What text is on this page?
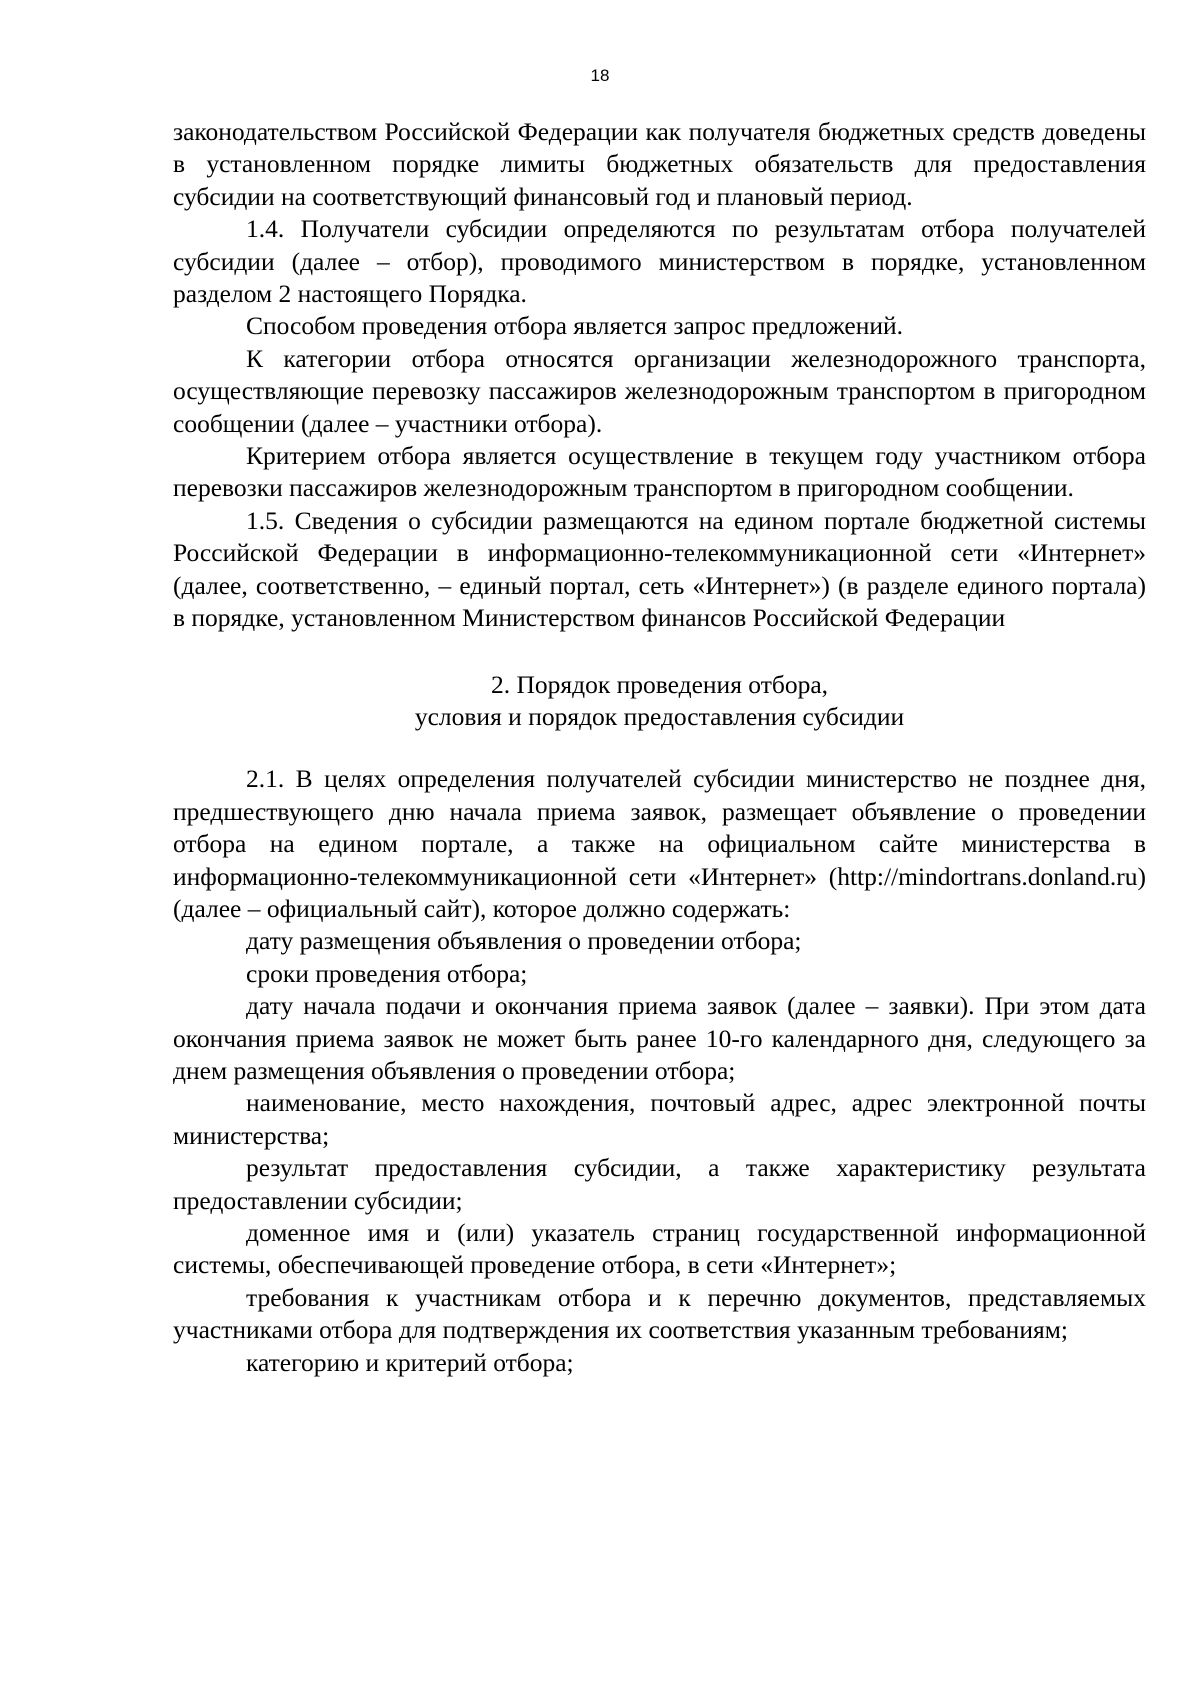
18

законодательством Российской Федерации как получателя бюджетных средств доведены в установленном порядке лимиты бюджетных обязательств для предоставления субсидии на соответствующий финансовый год и плановый период.

1.4. Получатели субсидии определяются по результатам отбора получателей субсидии (далее – отбор), проводимого министерством в порядке, установленном разделом 2 настоящего Порядка.

Способом проведения отбора является запрос предложений.

К категории отбора относятся организации железнодорожного транспорта, осуществляющие перевозку пассажиров железнодорожным транспортом в пригородном сообщении (далее – участники отбора).

Критерием отбора является осуществление в текущем году участником отбора перевозки пассажиров железнодорожным транспортом в пригородном сообщении.

1.5. Сведения о субсидии размещаются на едином портале бюджетной системы Российской Федерации в информационно-телекоммуникационной сети «Интернет» (далее, соответственно, – единый портал, сеть «Интернет») (в разделе единого портала) в порядке, установленном Министерством финансов Российской Федерации

2. Порядок проведения отбора,

условия и порядок предоставления субсидии

2.1. В целях определения получателей субсидии министерство не позднее дня, предшествующего дню начала приема заявок, размещает объявление о проведении отбора на едином портале, а также на официальном сайте министерства в информационно-телекоммуникационной сети «Интернет» (http://mindortrans.donland.ru) (далее – официальный сайт), которое должно содержать:

дату размещения объявления о проведении отбора;

сроки проведения отбора;

дату начала подачи и окончания приема заявок (далее – заявки). При этом дата окончания приема заявок не может быть ранее 10-го календарного дня, следующего за днем размещения объявления о проведении отбора;

наименование, место нахождения, почтовый адрес, адрес электронной почты министерства;

результат предоставления субсидии, а также характеристику результата предоставлении субсидии;

доменное имя и (или) указатель страниц государственной информационной системы, обеспечивающей проведение отбора, в сети «Интернет»;

требования к участникам отбора и к перечню документов, представляемых участниками отбора для подтверждения их соответствия указанным требованиям;

категорию и критерий отбора;
